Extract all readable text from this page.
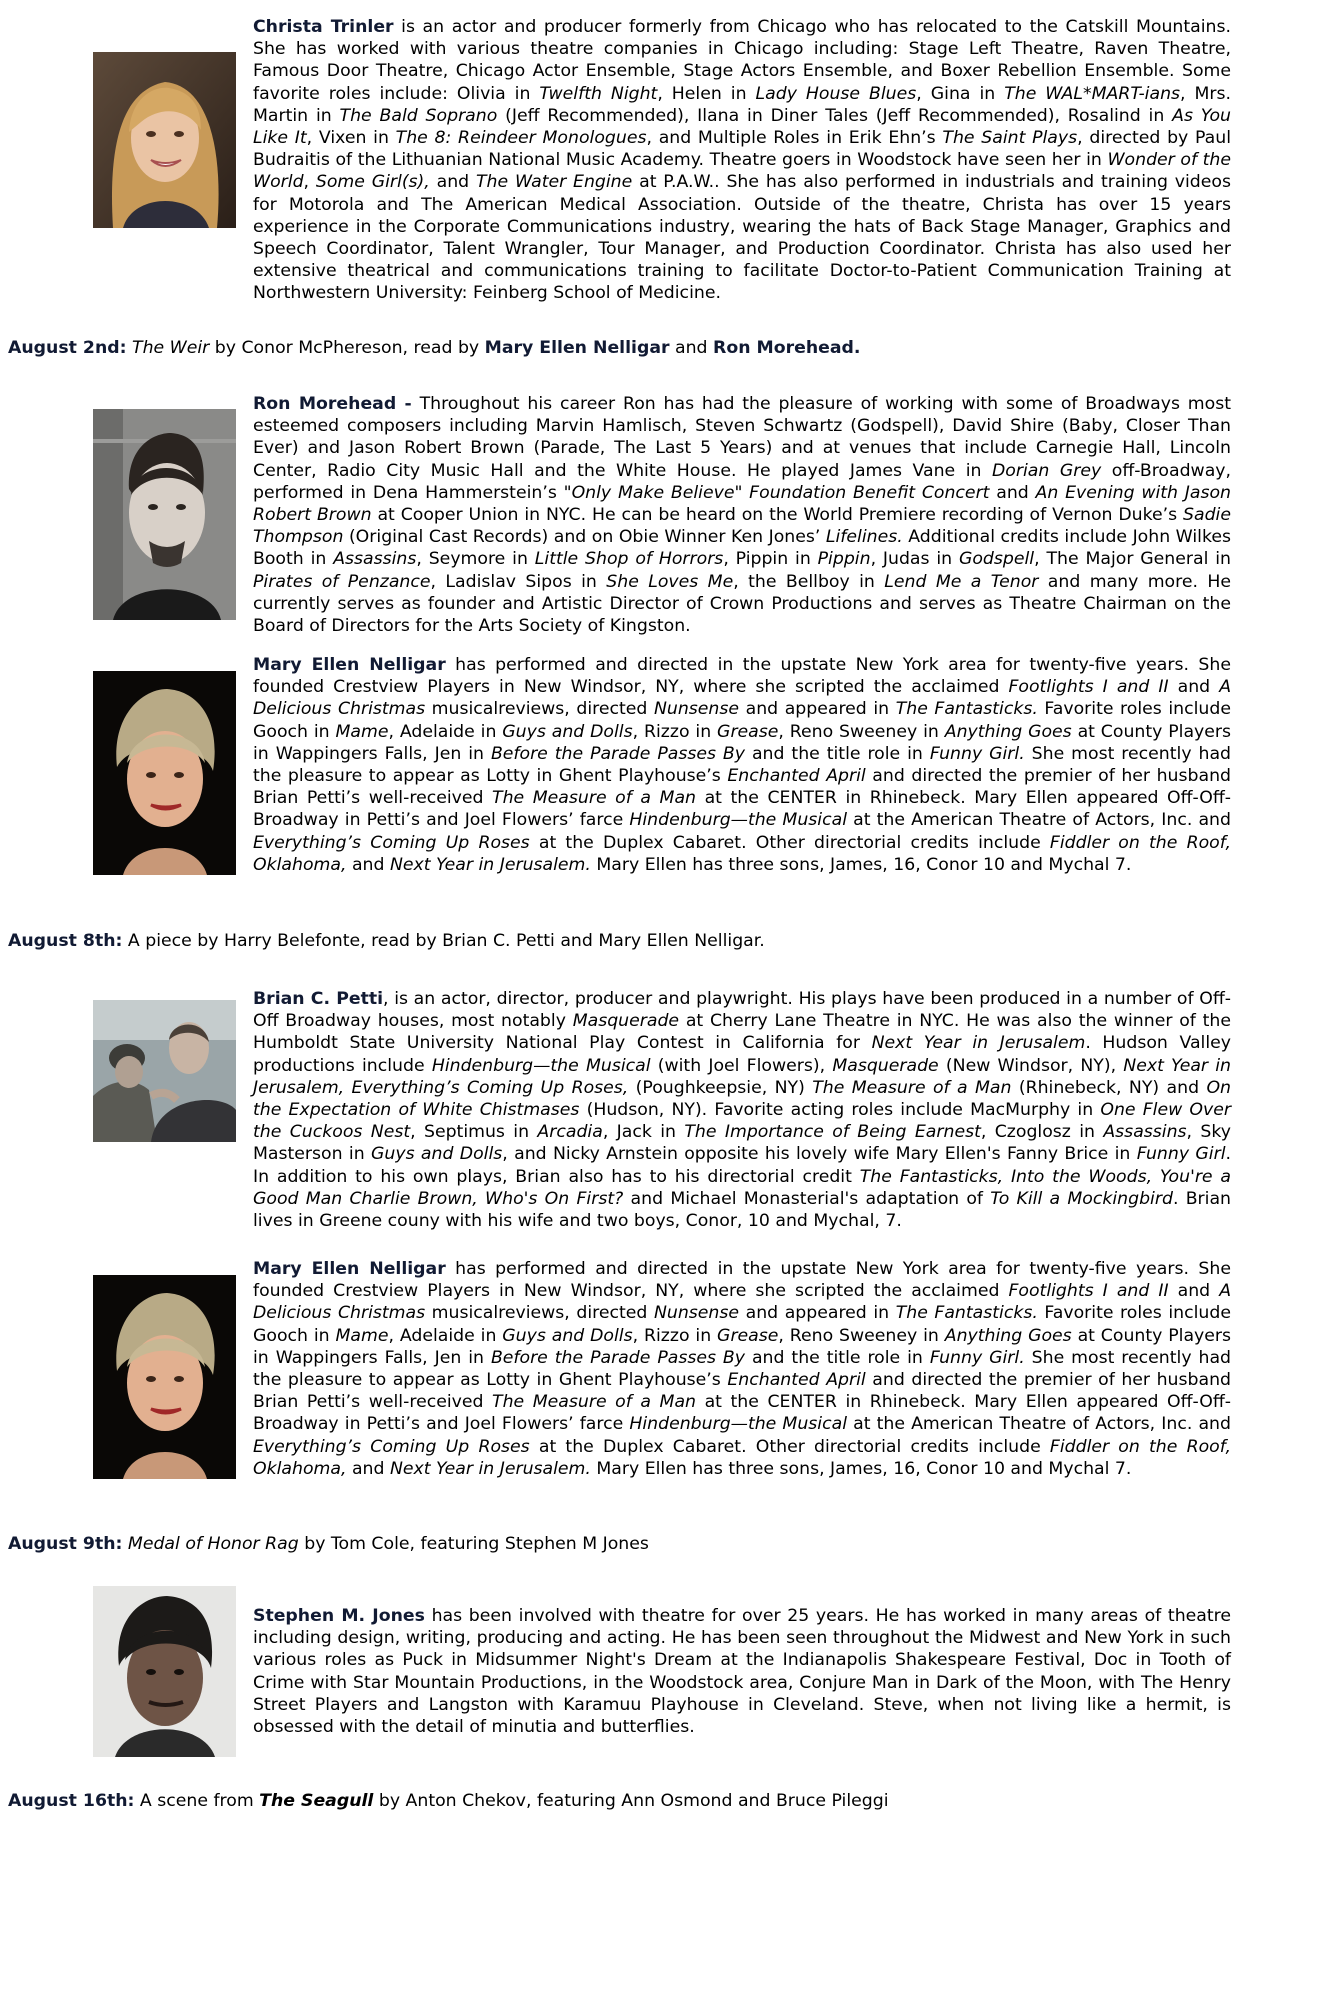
Christa Trinler is an actor and producer formerly from Chicago who has relocated to the Catskill Mountains. She has worked with various theatre companies in Chicago including: Stage Left Theatre, Raven Theatre, Famous Door Theatre, Chicago Actor Ensemble, Stage Actors Ensemble, and Boxer Rebellion Ensemble. Some favorite roles include: Olivia in Twelfth Night, Helen in Lady House Blues, Gina in The WAL*MART-ians, Mrs. Martin in The Bald Soprano (Jeff Recommended), Ilana in Diner Tales (Jeff Recommended), Rosalind in As You Like It, Vixen in The 8: Reindeer Monologues, and Multiple Roles in Erik Ehn’s The Saint Plays, directed by Paul Budraitis of the Lithuanian National Music Academy. Theatre goers in Woodstock have seen her in Wonder of the World, Some Girl(s), and The Water Engine at P.A.W.. She has also performed in industrials and training videos for Motorola and The American Medical Association. Outside of the theatre, Christa has over 15 years experience in the Corporate Communications industry, wearing the hats of Back Stage Manager, Graphics and Speech Coordinator, Talent Wrangler, Tour Manager, and Production Coordinator. Christa has also used her extensive theatrical and communications training to facilitate Doctor-to-Patient Communication Training at Northwestern University: Feinberg School of Medicine.
August 2nd: The Weir by Conor McPhereson, read by Mary Ellen Nelligar and Ron Morehead.
Ron Morehead - Throughout his career Ron has had the pleasure of working with some of Broadways most esteemed composers including Marvin Hamlisch, Steven Schwartz (Godspell), David Shire (Baby, Closer Than Ever) and Jason Robert Brown (Parade, The Last 5 Years) and at venues that include Carnegie Hall, Lincoln Center, Radio City Music Hall and the White House. He played James Vane in Dorian Grey off-Broadway, performed in Dena Hammerstein’s "Only Make Believe" Foundation Benefit Concert and An Evening with Jason Robert Brown at Cooper Union in NYC. He can be heard on the World Premiere recording of Vernon Duke’s Sadie Thompson (Original Cast Records) and on Obie Winner Ken Jones’ Lifelines. Additional credits include John Wilkes Booth in Assassins, Seymore in Little Shop of Horrors, Pippin in Pippin, Judas in Godspell, The Major General in Pirates of Penzance, Ladislav Sipos in She Loves Me, the Bellboy in Lend Me a Tenor and many more. He currently serves as founder and Artistic Director of Crown Productions and serves as Theatre Chairman on the Board of Directors for the Arts Society of Kingston.
Mary Ellen Nelligar has performed and directed in the upstate New York area for twenty-five years. She founded Crestview Players in New Windsor, NY, where she scripted the acclaimed Footlights I and II and A Delicious Christmas musicalreviews, directed Nunsense and appeared in The Fantasticks. Favorite roles include Gooch in Mame, Adelaide in Guys and Dolls, Rizzo in Grease, Reno Sweeney in Anything Goes at County Players in Wappingers Falls, Jen in Before the Parade Passes By and the title role in Funny Girl. She most recently had the pleasure to appear as Lotty in Ghent Playhouse’s Enchanted April and directed the premier of her husband Brian Petti’s well-received The Measure of a Man at the CENTER in Rhinebeck. Mary Ellen appeared Off-Off-Broadway in Petti’s and Joel Flowers’ farce Hindenburg—the Musical at the American Theatre of Actors, Inc. and Everything’s Coming Up Roses at the Duplex Cabaret. Other directorial credits include Fiddler on the Roof, Oklahoma, and Next Year in Jerusalem. Mary Ellen has three sons, James, 16, Conor 10 and Mychal 7.
August 8th: A piece by Harry Belefonte, read by Brian C. Petti and Mary Ellen Nelligar.
Brian C. Petti, is an actor, director, producer and playwright. His plays have been produced in a number of Off-Off Broadway houses, most notably Masquerade at Cherry Lane Theatre in NYC. He was also the winner of the Humboldt State University National Play Contest in California for Next Year in Jerusalem. Hudson Valley productions include Hindenburg—the Musical (with Joel Flowers), Masquerade (New Windsor, NY), Next Year in Jerusalem, Everything’s Coming Up Roses, (Poughkeepsie, NY) The Measure of a Man (Rhinebeck, NY) and On the Expectation of White Chistmases (Hudson, NY). Favorite acting roles include MacMurphy in One Flew Over the Cuckoos Nest, Septimus in Arcadia, Jack in The Importance of Being Earnest, Czoglosz in Assassins, Sky Masterson in Guys and Dolls, and Nicky Arnstein opposite his lovely wife Mary Ellen's Fanny Brice in Funny Girl. In addition to his own plays, Brian also has to his directorial credit The Fantasticks, Into the Woods, You're a Good Man Charlie Brown, Who's On First? and Michael Monasterial's adaptation of To Kill a Mockingbird. Brian lives in Greene couny with his wife and two boys, Conor, 10 and Mychal, 7.
Mary Ellen Nelligar has performed and directed in the upstate New York area for twenty-five years. She founded Crestview Players in New Windsor, NY, where she scripted the acclaimed Footlights I and II and A Delicious Christmas musicalreviews, directed Nunsense and appeared in The Fantasticks. Favorite roles include Gooch in Mame, Adelaide in Guys and Dolls, Rizzo in Grease, Reno Sweeney in Anything Goes at County Players in Wappingers Falls, Jen in Before the Parade Passes By and the title role in Funny Girl. She most recently had the pleasure to appear as Lotty in Ghent Playhouse’s Enchanted April and directed the premier of her husband Brian Petti’s well-received The Measure of a Man at the CENTER in Rhinebeck. Mary Ellen appeared Off-Off-Broadway in Petti’s and Joel Flowers’ farce Hindenburg—the Musical at the American Theatre of Actors, Inc. and Everything’s Coming Up Roses at the Duplex Cabaret. Other directorial credits include Fiddler on the Roof, Oklahoma, and Next Year in Jerusalem. Mary Ellen has three sons, James, 16, Conor 10 and Mychal 7.
August 9th: Medal of Honor Rag by Tom Cole, featuring Stephen M Jones
Stephen M. Jones has been involved with theatre for over 25 years. He has worked in many areas of theatre including design, writing, producing and acting. He has been seen throughout the Midwest and New York in such various roles as Puck in Midsummer Night's Dream at the Indianapolis Shakespeare Festival, Doc in Tooth of Crime with Star Mountain Productions, in the Woodstock area, Conjure Man in Dark of the Moon, with The Henry Street Players and Langston with Karamuu Playhouse in Cleveland. Steve, when not living like a hermit, is obsessed with the detail of minutia and butterflies.
August 16th: A scene from The Seagull by Anton Chekov, featuring Ann Osmond and Bruce Pileggi
